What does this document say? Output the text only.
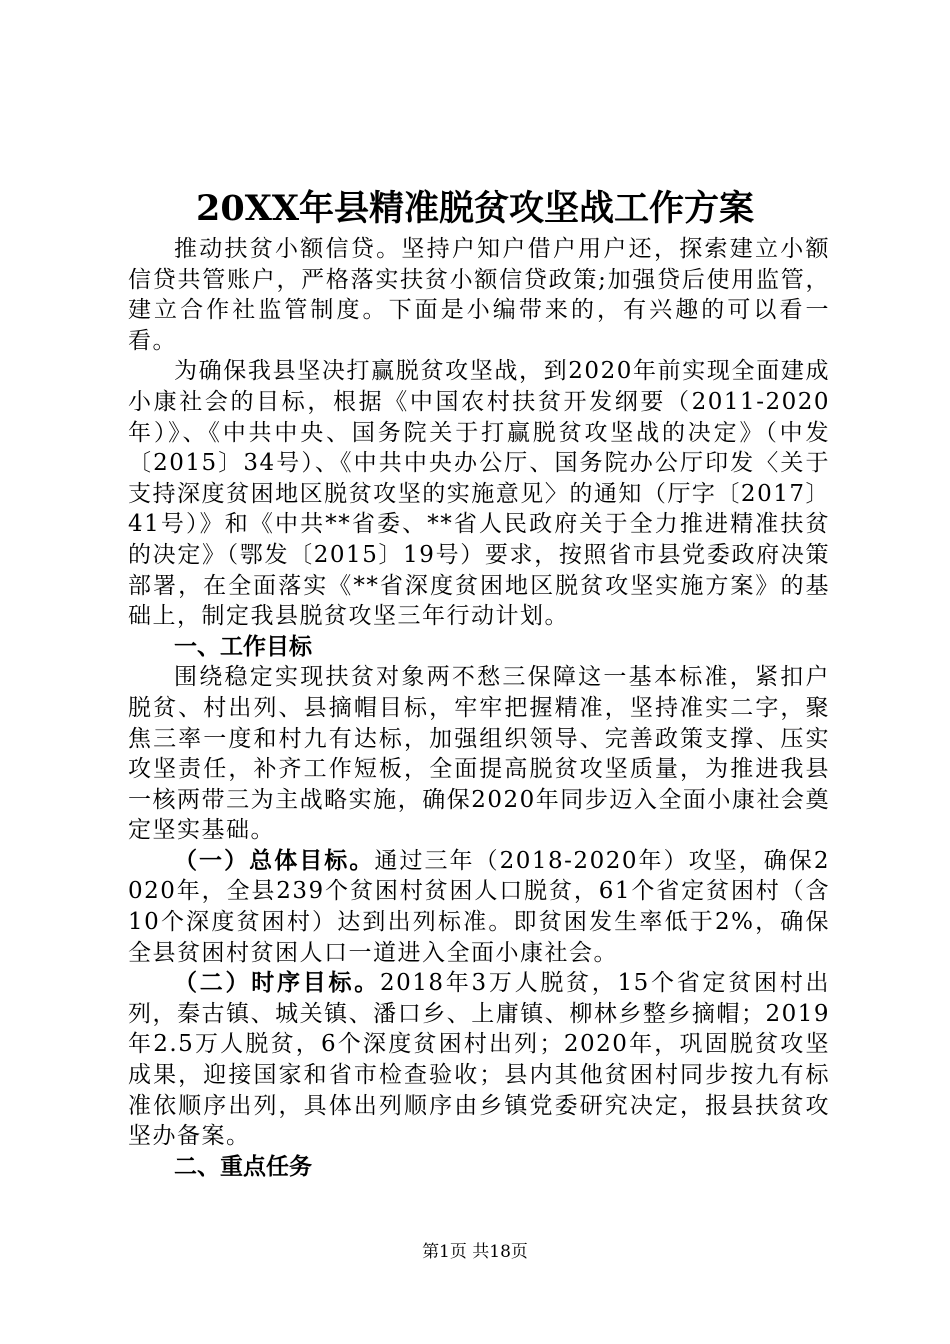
20XX年县精准脱贫攻坚战工作方案

推动扶贫小额信贷。坚持户知户借户用户还，探索建立小额信贷共管账户，严格落实扶贫小额信贷政策;加强贷后使用监管，建立合作社监管制度。下面是小编带来的，有兴趣的可以看一看。

为确保我县坚决打赢脱贫攻坚战，到2020年前实现全面建成小康社会的目标，根据《中国农村扶贫开发纲要（2011-2020年）》、《中共中央、国务院关于打赢脱贫攻坚战的决定》（中发〔2015〕34号）、《中共中央办公厅、国务院办公厅印发〈关于支持深度贫困地区脱贫攻坚的实施意见〉的通知（厅字〔2017〕41号）》和《中共**省委、**省人民政府关于全力推进精准扶贫的决定》（鄂发〔2015〕19号）要求，按照省市县党委政府决策部署，在全面落实《**省深度贫困地区脱贫攻坚实施方案》的基础上，制定我县脱贫攻坚三年行动计划。

一、工作目标

围绕稳定实现扶贫对象两不愁三保障这一基本标准，紧扣户脱贫、村出列、县摘帽目标，牢牢把握精准，坚持准实二字，聚焦三率一度和村九有达标，加强组织领导、完善政策支撑、压实攻坚责任，补齐工作短板，全面提高脱贫攻坚质量，为推进我县一核两带三为主战略实施，确保2020年同步迈入全面小康社会奠定坚实基础。

（一）总体目标。通过三年（2018-2020年）攻坚，确保2020年，全县239个贫困村贫困人口脱贫，61个省定贫困村（含10个深度贫困村）达到出列标准。即贫困发生率低于2%，确保全县贫困村贫困人口一道进入全面小康社会。

（二）时序目标。2018年3万人脱贫，15个省定贫困村出列，秦古镇、城关镇、潘口乡、上庸镇、柳林乡整乡摘帽；2019年2.5万人脱贫，6个深度贫困村出列；2020年，巩固脱贫攻坚成果，迎接国家和省市检查验收；县内其他贫困村同步按九有标准依顺序出列，具体出列顺序由乡镇党委研究决定，报县扶贫攻坚办备案。

二、重点任务

第1页 共18页
